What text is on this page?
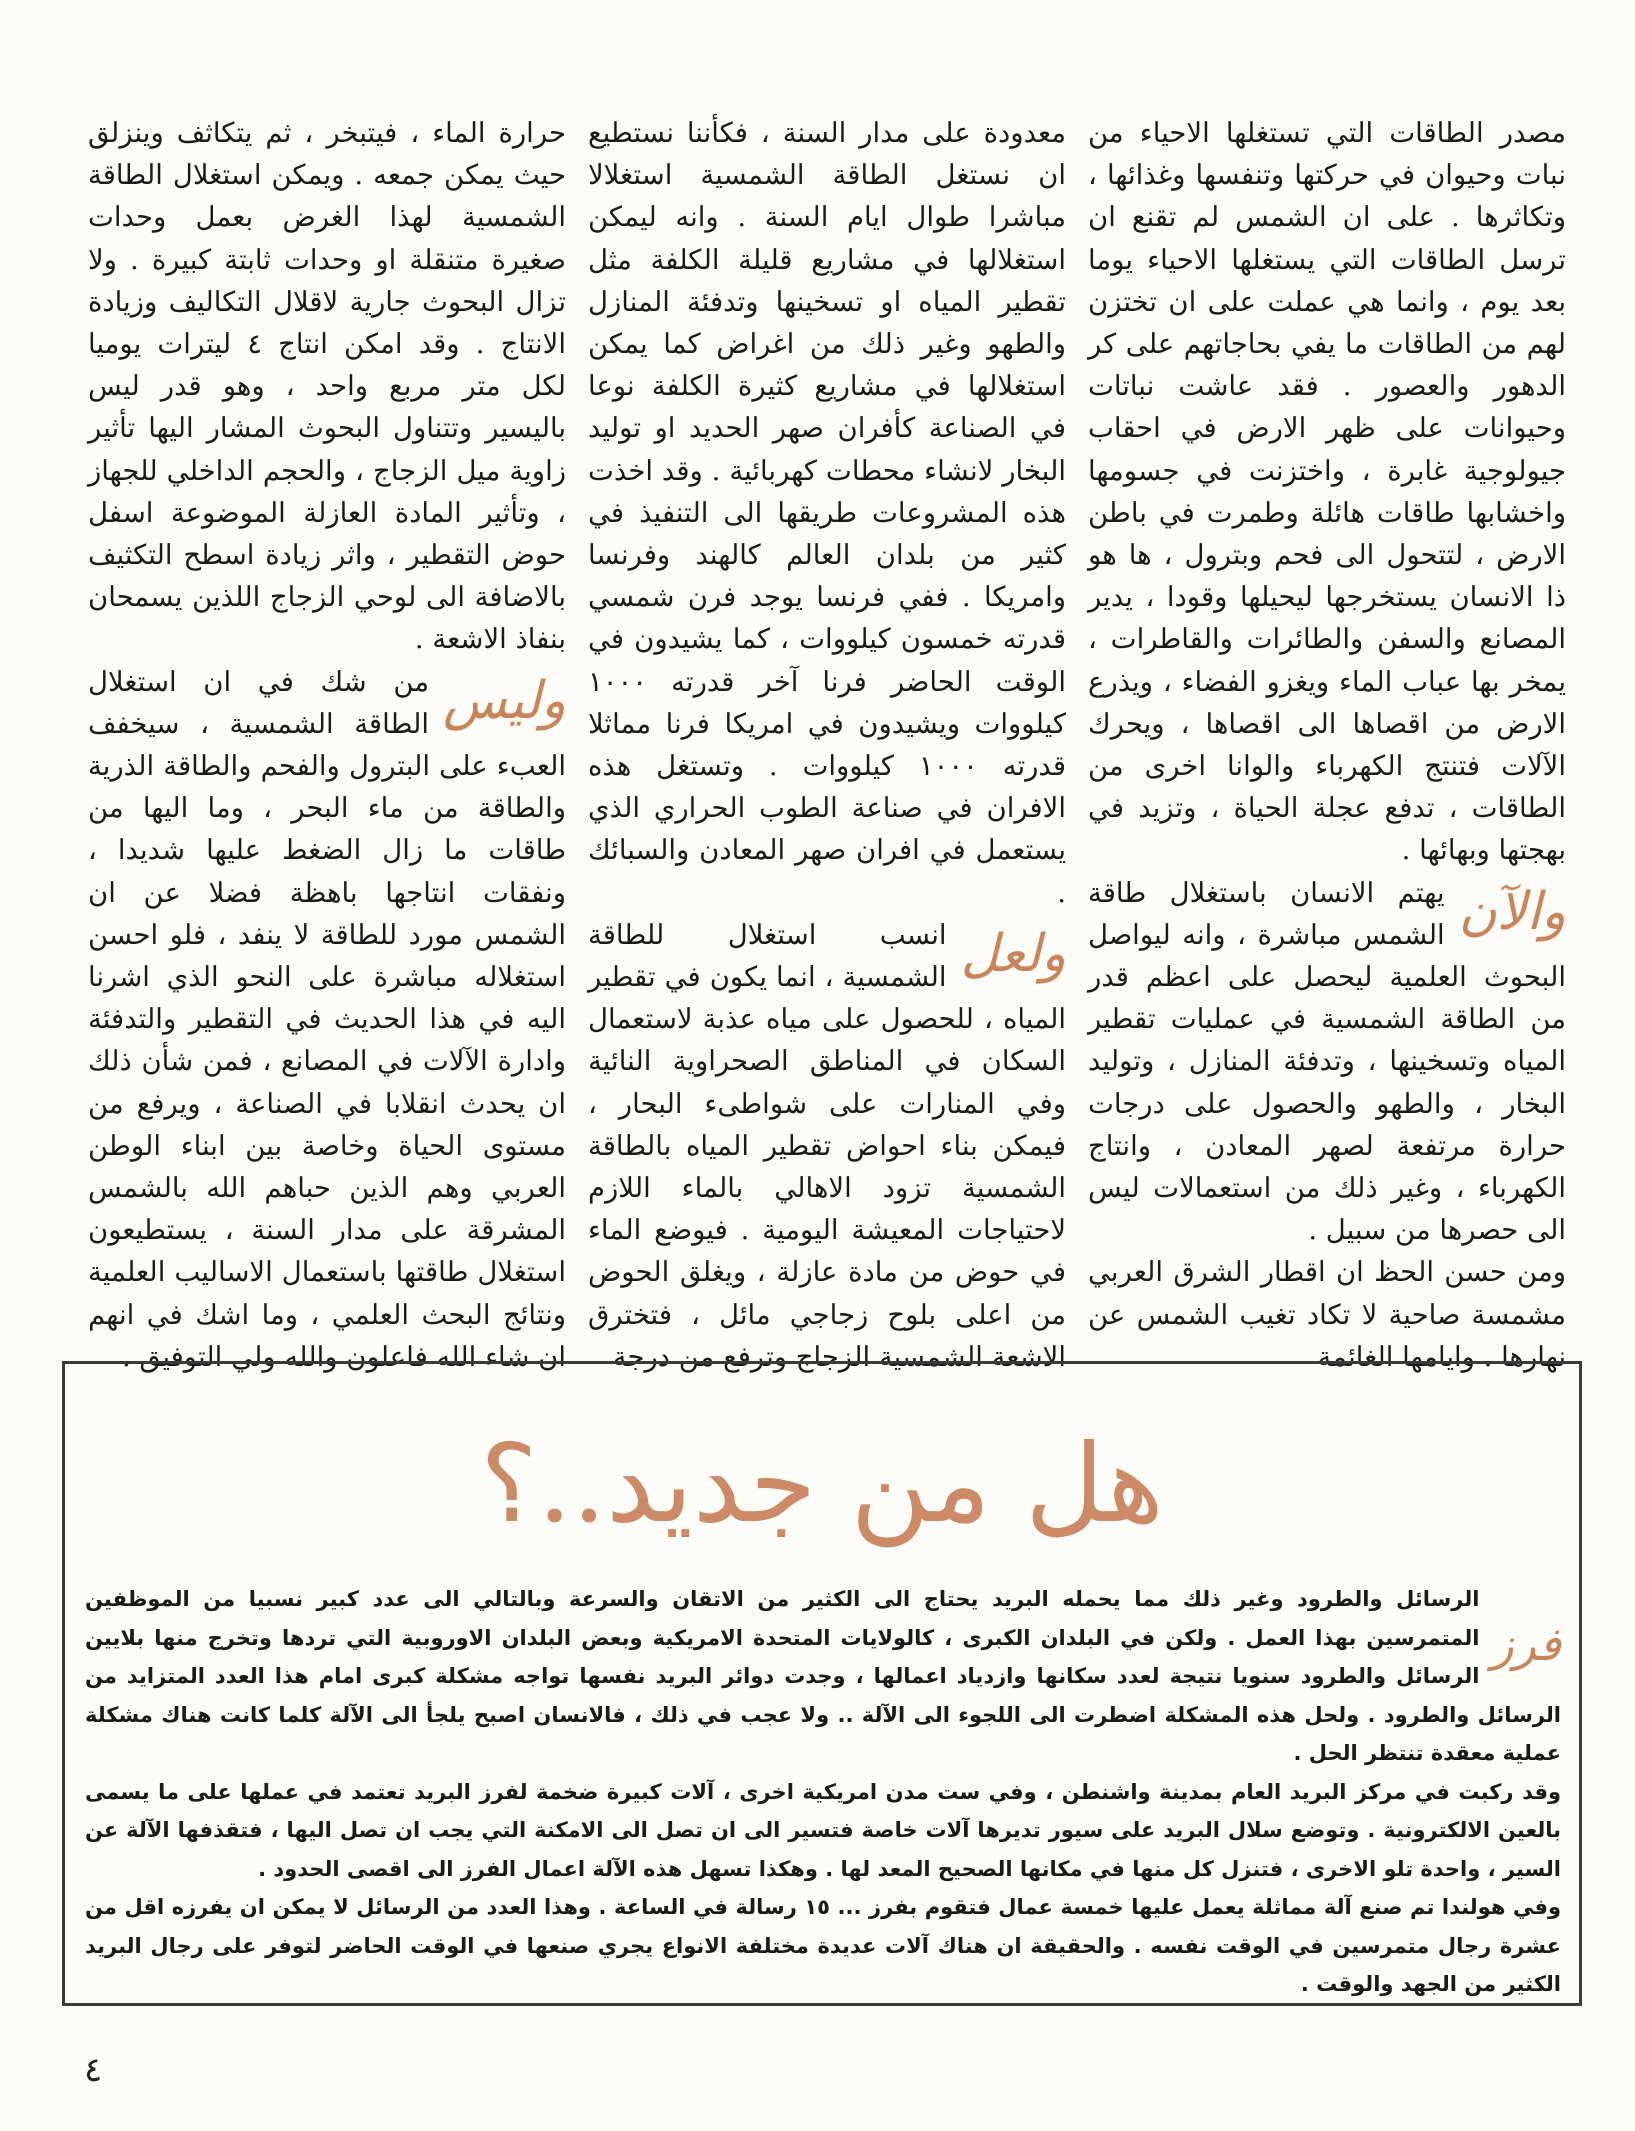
مصدر الطاقات التي تستغلها الاحياء من نبات وحيوان في حركتها وتنفسها وغذائها ، وتكاثرها . على ان الشمس لم تقنع ان ترسل الطاقات التي يستغلها الاحياء يوما بعد يوم ، وانما هي عملت على ان تختزن لهم من الطاقات ما يفي بحاجاتهم على كر الدهور والعصور . فقد عاشت نباتات وحيوانات على ظهر الارض في احقاب جيولوجية غابرة ، واختزنت في جسومها واخشابها طاقات هائلة وطمرت في باطن الارض ، لتتحول الى فحم وبترول ، ها هو ذا الانسان يستخرجها ليحيلها وقودا ، يدير المصانع والسفن والطائرات والقاطرات ، يمخر بها عباب الماء ويغزو الفضاء ، ويذرع الارض من اقصاها الى اقصاها ، ويحرك الآلات فتنتج الكهرباء والوانا اخرى من الطاقات ، تدفع عجلة الحياة ، وتزيد في بهجتها وبهائها .

والآن
يهتم الانسان باستغلال طاقة الشمس مباشرة ، وانه ليواصل البحوث العلمية ليحصل على اعظم قدر من الطاقة الشمسية في عمليات تقطير المياه وتسخينها ، وتدفئة المنازل ، وتوليد البخار ، والطهو والحصول على درجات حرارة مرتفعة لصهر المعادن ، وانتاج الكهرباء ، وغير ذلك من استعمالات ليس الى حصرها من سبيل .

ومن حسن الحظ ان اقطار الشرق العربي مشمسة صاحية لا تكاد تغيب الشمس عن نهارها . وايامها الغائمة

معدودة على مدار السنة ، فكأننا نستطيع ان نستغل الطاقة الشمسية استغلالا مباشرا طوال ايام السنة . وانه ليمكن استغلالها في مشاريع قليلة الكلفة مثل تقطير المياه او تسخينها وتدفئة المنازل والطهو وغير ذلك من اغراض كما يمكن استغلالها في مشاريع كثيرة الكلفة نوعا في الصناعة كأفران صهر الحديد او توليد البخار لانشاء محطات كهربائية . وقد اخذت هذه المشروعات طريقها الى التنفيذ في كثير من بلدان العالم كالهند وفرنسا وامريكا . ففي فرنسا يوجد فرن شمسي قدرته خمسون كيلووات ، كما يشيدون في الوقت الحاضر فرنا آخر قدرته ١٠٠٠ كيلووات ويشيدون في امريكا فرنا مماثلا قدرته ١٠٠٠ كيلووات . وتستغل هذه الافران في صناعة الطوب الحراري الذي يستعمل في افران صهر المعادن والسبائك .

ولعل
انسب استغلال للطاقة الشمسية ، انما يكون في تقطير المياه ، للحصول على مياه عذبة لاستعمال السكان في المناطق الصحراوية النائية وفي المنارات على شواطىء البحار ، فيمكن بناء احواض تقطير المياه بالطاقة الشمسية تزود الاهالي بالماء اللازم لاحتياجات المعيشة اليومية . فيوضع الماء في حوض من مادة عازلة ، ويغلق الحوض من اعلى بلوح زجاجي مائل ، فتخترق الاشعة الشمسية الزجاج وترفع من درجة

حرارة الماء ، فيتبخر ، ثم يتكاثف وينزلق حيث يمكن جمعه . ويمكن استغلال الطاقة الشمسية لهذا الغرض بعمل وحدات صغيرة متنقلة او وحدات ثابتة كبيرة . ولا تزال البحوث جارية لاقلال التكاليف وزيادة الانتاج . وقد امكن انتاج ٤ ليترات يوميا لكل متر مربع واحد ، وهو قدر ليس باليسير وتتناول البحوث المشار اليها تأثير زاوية ميل الزجاج ، والحجم الداخلي للجهاز ، وتأثير المادة العازلة الموضوعة اسفل حوض التقطير ، واثر زيادة اسطح التكثيف بالاضافة الى لوحي الزجاج اللذين يسمحان بنفاذ الاشعة .

وليس
من شك في ان استغلال الطاقة الشمسية ، سيخفف العبء على البترول والفحم والطاقة الذرية والطاقة من ماء البحر ، وما اليها من طاقات ما زال الضغط عليها شديدا ، ونفقات انتاجها باهظة فضلا عن ان الشمس مورد للطاقة لا ينفد ، فلو احسن استغلاله مباشرة على النحو الذي اشرنا اليه في هذا الحديث في التقطير والتدفئة وادارة الآلات في المصانع ، فمن شأن ذلك ان يحدث انقلابا في الصناعة ، ويرفع من مستوى الحياة وخاصة بين ابناء الوطن العربي وهم الذين حباهم الله بالشمس المشرقة على مدار السنة ، يستطيعون استغلال طاقتها باستعمال الاساليب العلمية ونتائج البحث العلمي ، وما اشك في انهم ان شاء الله فاعلون والله ولي التوفيق .

هل من جديد..؟

فرز
الرسائل والطرود وغير ذلك مما يحمله البريد يحتاج الى الكثير من الاتقان والسرعة وبالتالي الى عدد كبير نسبيا من الموظفين المتمرسين بهذا العمل . ولكن في البلدان الكبرى ، كالولايات المتحدة الامريكية وبعض البلدان الاوروبية التي تردها وتخرج منها بلايين الرسائل والطرود سنويا نتيجة لعدد سكانها وازدياد اعمالها ، وجدت دوائر البريد نفسها تواجه مشكلة كبرى امام هذا العدد المتزايد من الرسائل والطرود . ولحل هذه المشكلة اضطرت الى اللجوء الى الآلة .. ولا عجب في ذلك ، فالانسان اصبح يلجأ الى الآلة كلما كانت هناك مشكلة عملية معقدة تنتظر الحل .

وقد ركبت في مركز البريد العام بمدينة واشنطن ، وفي ست مدن امريكية اخرى ، آلات كبيرة ضخمة لفرز البريد تعتمد في عملها على ما يسمى بالعين الالكترونية . وتوضع سلال البريد على سيور تديرها آلات خاصة فتسير الى ان تصل الى الامكنة التي يجب ان تصل اليها ، فتقذفها الآلة عن السير ، واحدة تلو الاخرى ، فتنزل كل منها في مكانها الصحيح المعد لها . وهكذا تسهل هذه الآلة اعمال الفرز الى اقصى الحدود .

وفي هولندا تم صنع آلة مماثلة يعمل عليها خمسة عمال فتقوم بفرز ... ١٥ رسالة في الساعة . وهذا العدد من الرسائل لا يمكن ان يفرزه اقل من عشرة رجال متمرسين في الوقت نفسه . والحقيقة ان هناك آلات عديدة مختلفة الانواع يجري صنعها في الوقت الحاضر لتوفر على رجال البريد الكثير من الجهد والوقت .

٤
